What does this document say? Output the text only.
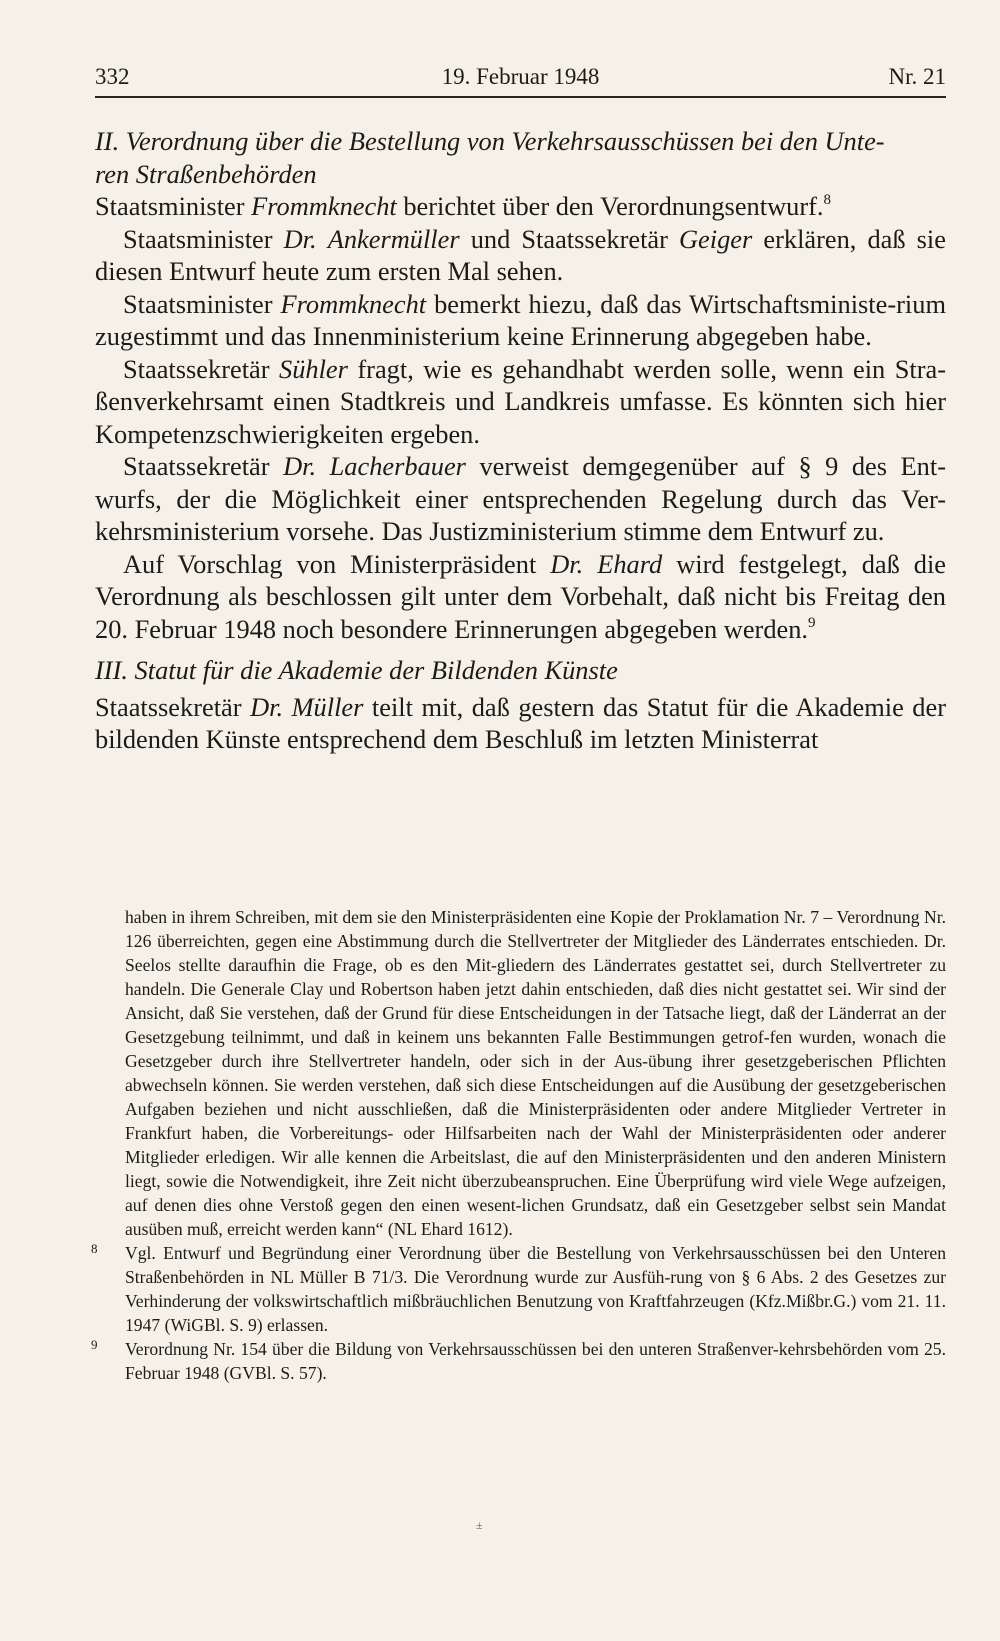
332	19. Februar 1948	Nr. 21

II. Verordnung über die Bestellung von Verkehrsausschüssen bei den Unte-
ren Straßenbehörden

Staatsminister Frommknecht berichtet über den Verordnungsentwurf.$^8$

Staatsminister Dr. Ankermüller und Staatssekretär Geiger erklären, daß sie diesen Entwurf heute zum ersten Mal sehen.

Staatsminister Frommknecht bemerkt hiezu, daß das Wirtschaftsministe-rium zugestimmt und das Innenministerium keine Erinnerung abgegeben habe.

Staatssekretär Sühler fragt, wie es gehandhabt werden solle, wenn ein Stra-ßenverkehrsamt einen Stadtkreis und Landkreis umfasse. Es könnten sich hier Kompetenzschwierigkeiten ergeben.

Staatssekretär Dr. Lacherbauer verweist demgegenüber auf § 9 des Ent-wurfs, der die Möglichkeit einer entsprechenden Regelung durch das Ver-kehrsministerium vorsehe. Das Justizministerium stimme dem Entwurf zu.

Auf Vorschlag von Ministerpräsident Dr. Ehard wird festgelegt, daß die Verordnung als beschlossen gilt unter dem Vorbehalt, daß nicht bis Freitag den 20. Februar 1948 noch besondere Erinnerungen abgegeben werden.$^9$

III. Statut für die Akademie der Bildenden Künste

Staatssekretär Dr. Müller teilt mit, daß gestern das Statut für die Akademie der bildenden Künste entsprechend dem Beschluß im letzten Ministerrat

haben in ihrem Schreiben, mit dem sie den Ministerpräsidenten eine Kopie der Proklamation Nr. 7 – Verordnung Nr. 126 überreichten, gegen eine Abstimmung durch die Stellvertreter der Mitglieder des Länderrates entschieden. Dr. Seelos stellte daraufhin die Frage, ob es den Mit-gliedern des Länderrates gestattet sei, durch Stellvertreter zu handeln. Die Generale Clay und Robertson haben jetzt dahin entschieden, daß dies nicht gestattet sei. Wir sind der Ansicht, daß Sie verstehen, daß der Grund für diese Entscheidungen in der Tatsache liegt, daß der Länderrat an der Gesetzgebung teilnimmt, und daß in keinem uns bekannten Falle Bestimmungen getrof-fen wurden, wonach die Gesetzgeber durch ihre Stellvertreter handeln, oder sich in der Aus-übung ihrer gesetzgeberischen Pflichten abwechseln können. Sie werden verstehen, daß sich diese Entscheidungen auf die Ausübung der gesetzgeberischen Aufgaben beziehen und nicht ausschließen, daß die Ministerpräsidenten oder andere Mitglieder Vertreter in Frankfurt haben, die Vorbereitungs- oder Hilfsarbeiten nach der Wahl der Ministerpräsidenten oder anderer Mitglieder erledigen. Wir alle kennen die Arbeitslast, die auf den Ministerpräsidenten und den anderen Ministern liegt, sowie die Notwendigkeit, ihre Zeit nicht überzubeanspruchen. Eine Überprüfung wird viele Wege aufzeigen, auf denen dies ohne Verstoß gegen den einen wesent-lichen Grundsatz, daß ein Gesetzgeber selbst sein Mandat ausüben muß, erreicht werden kann“ (NL Ehard 1612).

8 Vgl. Entwurf und Begründung einer Verordnung über die Bestellung von Verkehrsausschüssen bei den Unteren Straßenbehörden in NL Müller B 71/3. Die Verordnung wurde zur Ausfüh-rung von § 6 Abs. 2 des Gesetzes zur Verhinderung der volkswirtschaftlich mißbräuchlichen Benutzung von Kraftfahrzeugen (Kfz.Mißbr.G.) vom 21. 11. 1947 (WiGBl. S. 9) erlassen.

9 Verordnung Nr. 154 über die Bildung von Verkehrsausschüssen bei den unteren Straßenver-kehrsbehörden vom 25. Februar 1948 (GVBl. S. 57).

±
